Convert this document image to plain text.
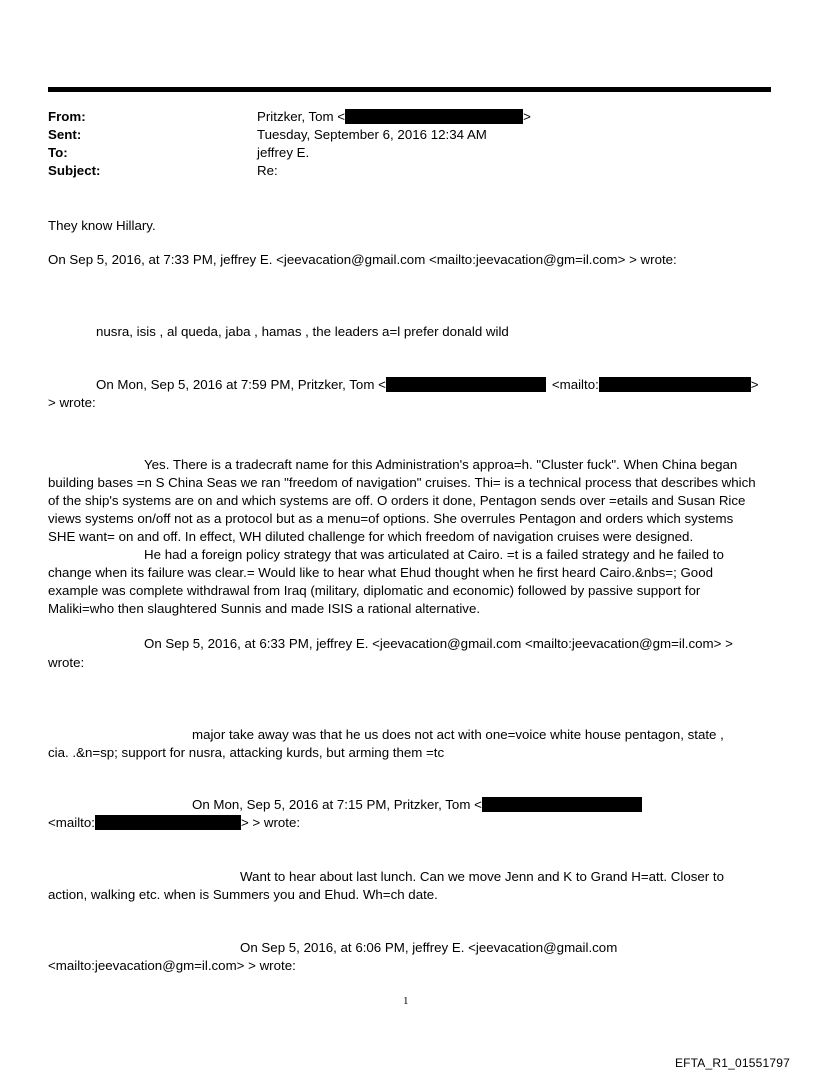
From:	Pritzker, Tom <	>
Sent:	Tuesday, September 6, 2016 12:34 AM
To:	jeffrey E.
Subject:	Re:
They know Hillary.
On Sep 5, 2016, at 7:33 PM, jeffrey E. <jeevacation@gmail.com <mailto:jeevacation@gm=il.com> > wrote:
nusra, isis , al queda, jaba , hamas , the leaders a=l prefer donald wild
On Mon, Sep 5, 2016 at 7:59 PM, Pritzker, Tom <	<mailto:	>
> wrote:
Yes. There is a tradecraft name for this Administration's approа=h. "Cluster fuck". When China began
building bases =n S China Seas we ran "freedom of navigation" cruises. Thi= is a technical process that describes which
of the ship's systems are on and which systems are off. O orders it done, Pentagon sends over =etails and Susan Rice
views systems on/off not as a protocol but as a menu=of options. She overrules Pentagon and orders which systems
SHE want= on and off. In effect, WH diluted challenge for which freedom of navigation cruises were designed.
He had a foreign policy strategy that was articulated at Cairo. =t is a failed strategy and he failed to
change when its failure was clear.= Would like to hear what Ehud thought when he first heard Cairo.&nbs=; Good
example was complete withdrawal from Iraq (military, diplomatic and economic) followed by passive support for
Maliki=who then slaughtered Sunnis and made ISIS a rational alternative.
On Sep 5, 2016, at 6:33 PM, jeffrey E. <jeevacation@gmail.com <mailto:jeevacation@gm=il.com> >
wrote:
major take away was that he us does not act with one=voice white house pentagon, state ,
cia. .&n=sp; support for nusra, attacking kurds, but arming them =tc
On Mon, Sep 5, 2016 at 7:15 PM, Pritzker, Tom <
<mailto:	> > wrote:
Want to hear about last lunch. Can we move Jenn and K to Grand H=att. Closer to
action, walking etc. when is Summers you and Ehud. Wh=ch date.
On Sep 5, 2016, at 6:06 PM, jeffrey E. <jeevacation@gmail.com
<mailto:jeevacation@gm=il.com> > wrote:
1
EFTA_R1_01551797
